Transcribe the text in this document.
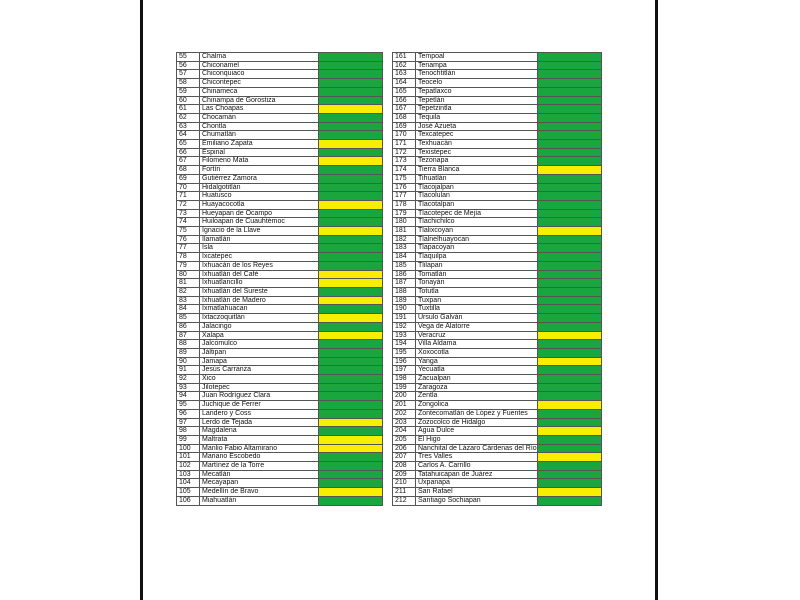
55	Chalma	
56	Chiconamel	
57	Chiconquiaco	
58	Chicontepec	
59	Chinameca	
60	Chinampa de Gorostiza	
61	Las Choapas	
62	Chocamán	
63	Chontla	
64	Chumatlán	
65	Emiliano Zapata	
66	Espinal	
67	Filomeno Mata	
68	Fortín	
69	Gutiérrez Zamora	
70	Hidalgotitlán	
71	Huatusco	
72	Huayacocotla	
73	Hueyapan de Ocampo	
74	Huiloapan de Cuauhtémoc	
75	Ignacio de la Llave	
76	Ilamatlán	
77	Isla	
78	Ixcatepec	
79	Ixhuacán de los Reyes	
80	Ixhuatlán del Café	
81	Ixhuatlancillo	
82	Ixhuatlán del Sureste	
83	Ixhuatlán de Madero	
84	Ixmatlahuacan	
85	Ixtaczoquitlán	
86	Jalacingo	
87	Xalapa	
88	Jalcomulco	
89	Jáltipan	
90	Jamapa	
91	Jesús Carranza	
92	Xico	
93	Jilotepec	
94	Juan Rodríguez Clara	
95	Juchique de Ferrer	
96	Landero y Coss	
97	Lerdo de Tejada	
98	Magdalena	
99	Maltrata	
100	Manlio Fabio Altamirano	
101	Mariano Escobedo	
102	Martínez de la Torre	
103	Mecatlán	
104	Mecayapan	
105	Medellín de Bravo	
106	Miahuatlán	
161	Tempoal	
162	Tenampa	
163	Tenochtitlán	
164	Teocelo	
165	Tepatlaxco	
166	Tepetlán	
167	Tepetzintla	
168	Tequila	
169	José Azueta	
170	Texcatepec	
171	Texhuacán	
172	Texistepec	
173	Tezonapa	
174	Tierra Blanca	
175	Tihuatlán	
176	Tlacojalpan	
177	Tlacolulan	
178	Tlacotalpan	
179	Tlacotepec de Mejía	
180	Tlachichilco	
181	Tlalixcoyan	
182	Tlalnelhuayocan	
183	Tlapacoyan	
184	Tlaquilpa	
185	Tlilapan	
186	Tomatlán	
187	Tonayán	
188	Totutla	
189	Tuxpan	
190	Tuxtilla	
191	Úrsulo Galván	
192	Vega de Alatorre	
193	Veracruz	
194	Villa Aldama	
195	Xoxocotla	
196	Yanga	
197	Yecuatla	
198	Zacualpan	
199	Zaragoza	
200	Zentla	
201	Zongolica	
202	Zontecomatlán de López y Fuentes	
203	Zozocolco de Hidalgo	
204	Agua Dulce	
205	El Higo	
206	Nanchital de Lázaro Cárdenas del Río	
207	Tres Valles	
208	Carlos A. Carrillo	
209	Tatahuicapan de Juárez	
210	Uxpanapa	
211	San Rafael	
212	Santiago Sochiapan	
